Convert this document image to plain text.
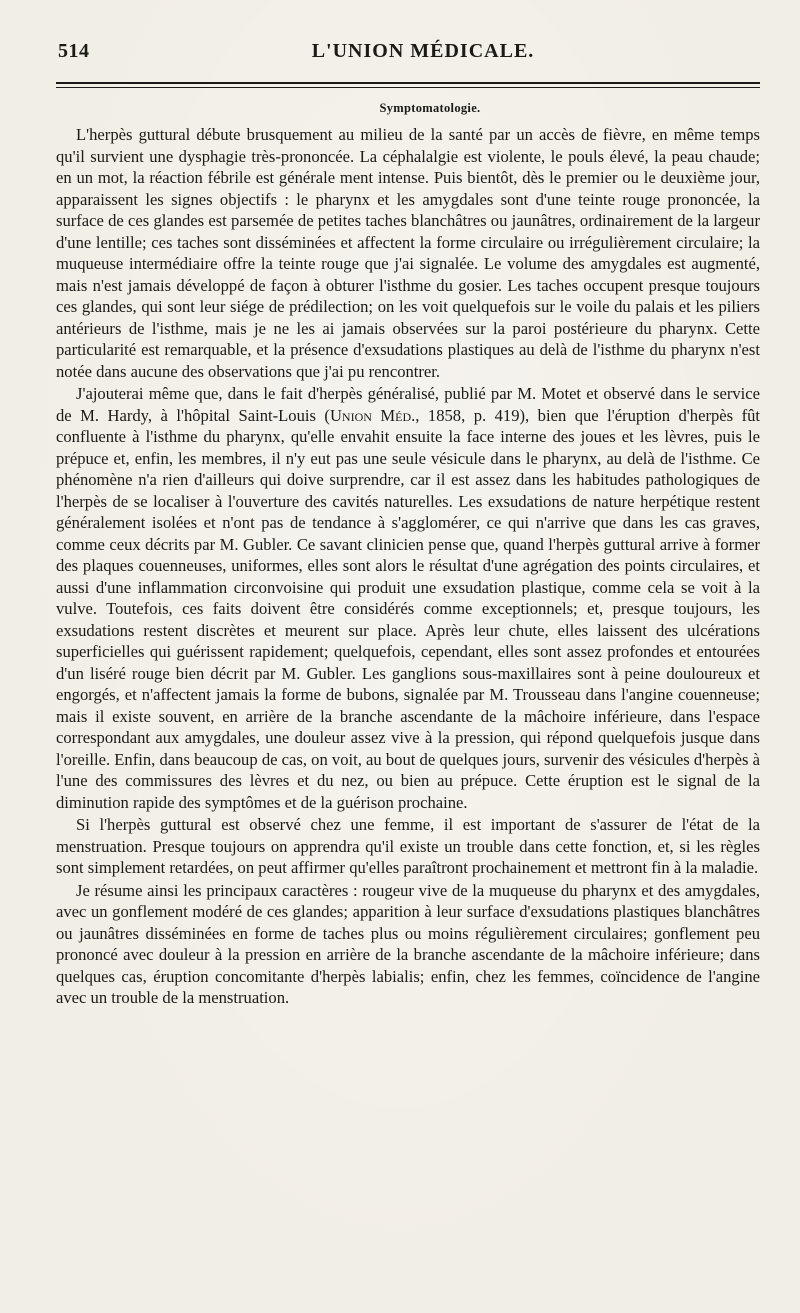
514	L'UNION MÉDICALE.
Symptomatologie.

L'herpès guttural débute brusquement au milieu de la santé par un accès de fièvre, en même temps qu'il survient une dysphagie très-prononcée. La céphalalgie est violente, le pouls élevé, la peau chaude; en un mot, la réaction fébrile est générale ment intense. Puis bientôt, dès le premier ou le deuxième jour, apparaissent les signes objectifs : le pharynx et les amygdales sont d'une teinte rouge prononcée, la surface de ces glandes est parsemée de petites taches blanchâtres ou jaunâtres, ordinairement de la largeur d'une lentille; ces taches sont disséminées et affectent la forme circulaire ou irrégulièrement circulaire; la muqueuse intermédiaire offre la teinte rouge que j'ai signalée. Le volume des amygdales est augmenté, mais n'est jamais développé de façon à obturer l'isthme du gosier. Les taches occupent presque toujours ces glandes, qui sont leur siége de prédilection; on les voit quelquefois sur le voile du palais et les piliers antérieurs de l'isthme, mais je ne les ai jamais observées sur la paroi postérieure du pharynx. Cette particularité est remarquable, et la présence d'exsudations plastiques au delà de l'isthme du pharynx n'est notée dans aucune des observations que j'ai pu rencontrer.

J'ajouterai même que, dans le fait d'herpès généralisé, publié par M. Motet et observé dans le service de M. Hardy, à l'hôpital Saint-Louis (Union Méd., 1858, p. 419), bien que l'éruption d'herpès fût confluente à l'isthme du pharynx, qu'elle envahit ensuite la face interne des joues et les lèvres, puis le prépuce et, enfin, les membres, il n'y eut pas une seule vésicule dans le pharynx, au delà de l'isthme. Ce phénomène n'a rien d'ailleurs qui doive surprendre, car il est assez dans les habitudes pathologiques de l'herpès de se localiser à l'ouverture des cavités naturelles. Les exsudations de nature herpétique restent généralement isolées et n'ont pas de tendance à s'agglomérer, ce qui n'arrive que dans les cas graves, comme ceux décrits par M. Gubler. Ce savant clinicien pense que, quand l'herpès guttural arrive à former des plaques couenneuses, uniformes, elles sont alors le résultat d'une agrégation des points circulaires, et aussi d'une inflammation circonvoisine qui produit une exsudation plastique, comme cela se voit à la vulve. Toutefois, ces faits doivent être considérés comme exceptionnels; et, presque toujours, les exsudations restent discrètes et meurent sur place. Après leur chute, elles laissent des ulcérations superficielles qui guérissent rapidement; quelquefois, cependant, elles sont assez profondes et entourées d'un liséré rouge bien décrit par M. Gubler. Les ganglions sous-maxillaires sont à peine douloureux et engorgés, et n'affectent jamais la forme de bubons, signalée par M. Trousseau dans l'angine couenneuse; mais il existe souvent, en arrière de la branche ascendante de la mâchoire inférieure, dans l'espace correspondant aux amygdales, une douleur assez vive à la pression, qui répond quelquefois jusque dans l'oreille. Enfin, dans beaucoup de cas, on voit, au bout de quelques jours, survenir des vésicules d'herpès à l'une des commissures des lèvres et du nez, ou bien au prépuce. Cette éruption est le signal de la diminution rapide des symptômes et de la guérison prochaine.

Si l'herpès guttural est observé chez une femme, il est important de s'assurer de l'état de la menstruation. Presque toujours on apprendra qu'il existe un trouble dans cette fonction, et, si les règles sont simplement retardées, on peut affirmer qu'elles paraîtront prochainement et mettront fin à la maladie.

Je résume ainsi les principaux caractères : rougeur vive de la muqueuse du pharynx et des amygdales, avec un gonflement modéré de ces glandes; apparition à leur surface d'exsudations plastiques blanchâtres ou jaunâtres disséminées en forme de taches plus ou moins régulièrement circulaires; gonflement peu prononcé avec douleur à la pression en arrière de la branche ascendante de la mâchoire inférieure; dans quelques cas, éruption concomitante d'herpès labialis; enfin, chez les femmes, coïncidence de l'angine avec un trouble de la menstruation.
